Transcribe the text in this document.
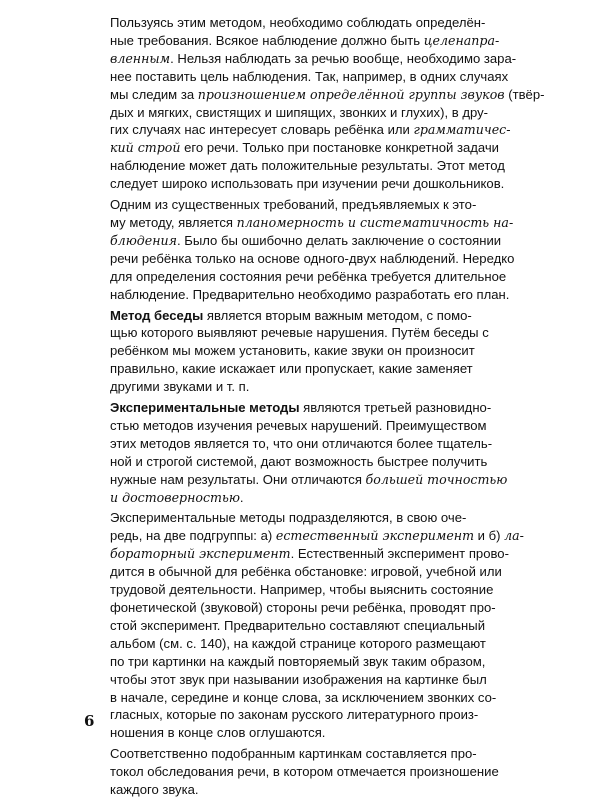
Пользуясь этим методом, необходимо соблюдать определён-
ные требования. Всякое наблюдение должно быть целенапра-
вленным. Нельзя наблюдать за речью вообще, необходимо зара-
нее поставить цель наблюдения. Так, например, в одних случаях
мы следим за произношением определённой группы звуков (твёр-
дых и мягких, свистящих и шипящих, звонких и глухих), в дру-
гих случаях нас интересует словарь ребёнка или грамматичес-
кий строй его речи. Только при постановке конкретной задачи
наблюдение может дать положительные результаты. Этот метод
следует широко использовать при изучении речи дошкольников.

Одним из существенных требований, предъявляемых к это-
му методу, является планомерность и систематичность на-
блюдения. Было бы ошибочно делать заключение о состоянии
речи ребёнка только на основе одного-двух наблюдений. Нередко
для определения состояния речи ребёнка требуется длительное
наблюдение. Предварительно необходимо разработать его план.

Метод беседы является вторым важным методом, с помо-
щью которого выявляют речевые нарушения. Путём беседы с
ребёнком мы можем установить, какие звуки он произносит
правильно, какие искажает или пропускает, какие заменяет
другими звуками и т. п.

Экспериментальные методы являются третьей разновидно-
стью методов изучения речевых нарушений. Преимуществом
этих методов является то, что они отличаются более тщатель-
ной и строгой системой, дают возможность быстрее получить
нужные нам результаты. Они отличаются большей точностью
и достоверностью.

Экспериментальные методы подразделяются, в свою оче-
редь, на две подгруппы: а) естественный эксперимент и б) ла-
бораторный эксперимент. Естественный эксперимент прово-
дится в обычной для ребёнка обстановке: игровой, учебной или
трудовой деятельности. Например, чтобы выяснить состояние
фонетической (звуковой) стороны речи ребёнка, проводят про-
стой эксперимент. Предварительно составляют специальный
альбом (см. с. 140), на каждой странице которого размещают
по три картинки на каждый повторяемый звук таким образом,
чтобы этот звук при назывании изображения на картинке был
в начале, середине и конце слова, за исключением звонких со-
гласных, которые по законам русского литературного произ-
ношения в конце слов оглушаются.

Соответственно подобранным картинкам составляется про-
токол обследования речи, в котором отмечается произношение
каждого звука.

6
